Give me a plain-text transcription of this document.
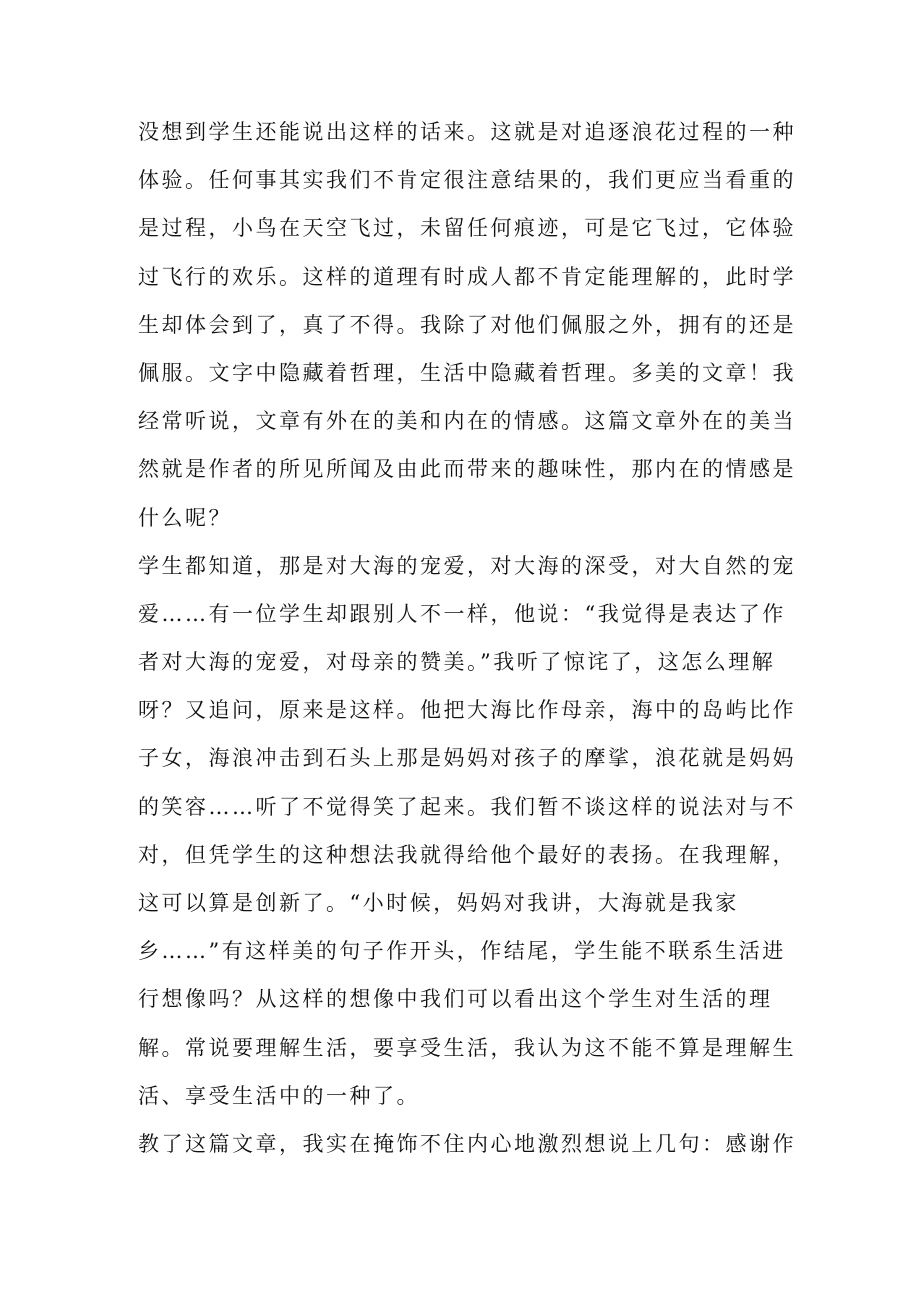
没想到学生还能说出这样的话来。这就是对追逐浪花过程的一种
体验。任何事其实我们不肯定很注意结果的，我们更应当看重的
是过程，小鸟在天空飞过，未留任何痕迹，可是它飞过，它体验
过飞行的欢乐。这样的道理有时成人都不肯定能理解的，此时学
生却体会到了，真了不得。我除了对他们佩服之外，拥有的还是
佩服。文字中隐藏着哲理，生活中隐藏着哲理。多美的文章！我
经常听说，文章有外在的美和内在的情感。这篇文章外在的美当
然就是作者的所见所闻及由此而带来的趣味性，那内在的情感是
什么呢？
学生都知道，那是对大海的宠爱，对大海的深受，对大自然的宠
爱……有一位学生却跟别人不一样，他说：“我觉得是表达了作
者对大海的宠爱，对母亲的赞美。”我听了惊诧了，这怎么理解
呀？又追问，原来是这样。他把大海比作母亲，海中的岛屿比作
子女，海浪冲击到石头上那是妈妈对孩子的摩挲，浪花就是妈妈
的笑容……听了不觉得笑了起来。我们暂不谈这样的说法对与不
对，但凭学生的这种想法我就得给他个最好的表扬。在我理解，
这可以算是创新了。“小时候，妈妈对我讲，大海就是我家
乡……”有这样美的句子作开头，作结尾，学生能不联系生活进
行想像吗？从这样的想像中我们可以看出这个学生对生活的理
解。常说要理解生活，要享受生活，我认为这不能不算是理解生
活、享受生活中的一种了。
教了这篇文章，我实在掩饰不住内心地激烈想说上几句：感谢作
